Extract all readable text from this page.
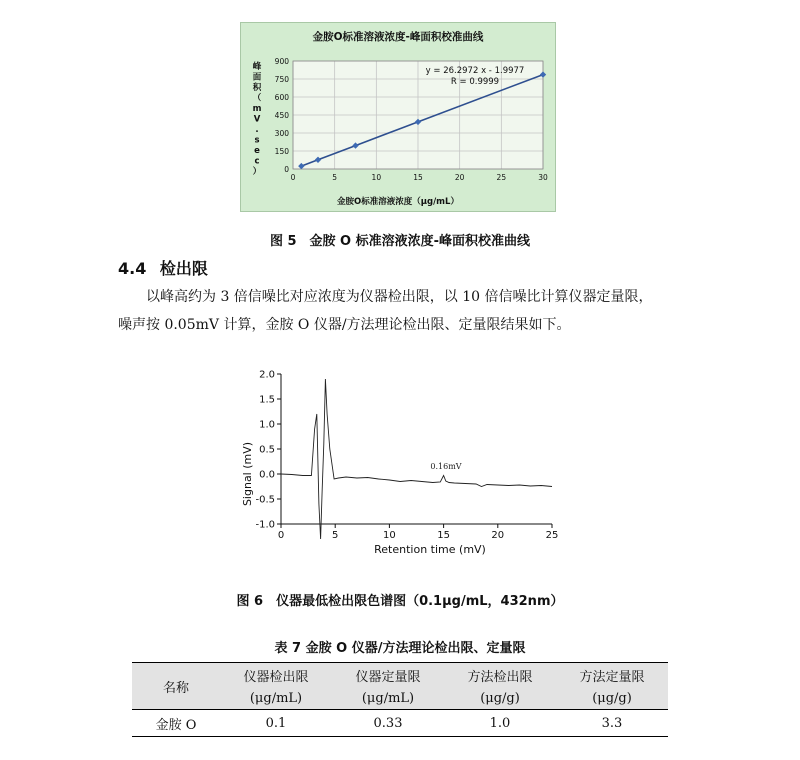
金胺O标准溶液浓度-峰面积校准曲线
0
150
300
450
600
750
900
0	5	10	15	20	25	30
峰
面
积
（
m
V
.
s
e
c
）
金胺O标准溶液浓度（μg/mL）
y = 26.2972 x - 1.9977
R = 0.9999
图 5　金胺 O 标准溶液浓度-峰面积校准曲线
4.4 检出限

以峰高约为 3 倍信噪比对应浓度为仪器检出限，以 10 倍信噪比计算仪器定量限，

噪声按 0.05mV 计算，金胺 O 仪器/方法理论检出限、定量限结果如下。

-1.0
-0.5
0.0
0.5
1.0
1.5
2.0
0	5	10	15	20	25
0.16mV
Retention time (mV)
Signal (mV)
图 6　仪器最低检出限色谱图（0.1μg/mL，432nm）
表 7 金胺 O 仪器/方法理论检出限、定量限
名称	仪器检出限	仪器定量限	方法检出限	方法定量限
	(μg/mL)	(μg/mL)	(μg/g)	(μg/g)
金胺 O	0.1	0.33	1.0	3.3
